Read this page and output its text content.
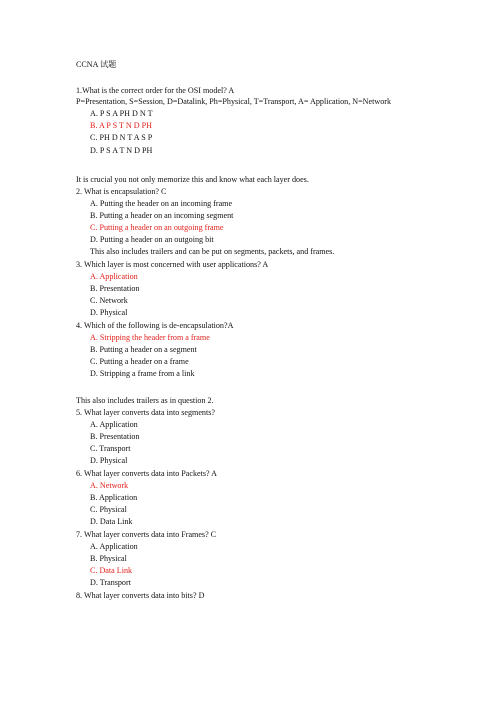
CCNA 试题
1.What is the correct order for the OSI model? A
P=Presentation, S=Session, D=Datalink, Ph=Physical, T=Transport, A= Application, N=Network
A. P S A PH D N T
B. A P S T N D PH
C. PH D N T A S P
D. P S A T N D PH
It is crucial you not only memorize this and know what each layer does.
2. What is encapsulation? C
A. Putting the header on an incoming frame
B. Putting a header on an incoming segment
C. Putting a header on an outgoing frame
D. Putting a header on an outgoing bit
This also includes trailers and can be put on segments, packets, and frames.
3. Which layer is most concerned with user applications? A
A. Application
B. Presentation
C. Network
D. Physical
4. Which of the following is de-encapsulation?A
A. Stripping the header from a frame
B. Putting a header on a segment
C. Putting a header on a frame
D. Stripping a frame from a link
This also includes trailers as in question 2.
5. What layer converts data into segments?
A. Application
B. Presentation
C. Transport
D. Physical
6. What layer converts data into Packets? A
A. Network
B. Application
C. Physical
D. Data Link
7. What layer converts data into Frames? C
A. Application
B. Physical
C. Data Link
D. Transport
8. What layer converts data into bits? D
